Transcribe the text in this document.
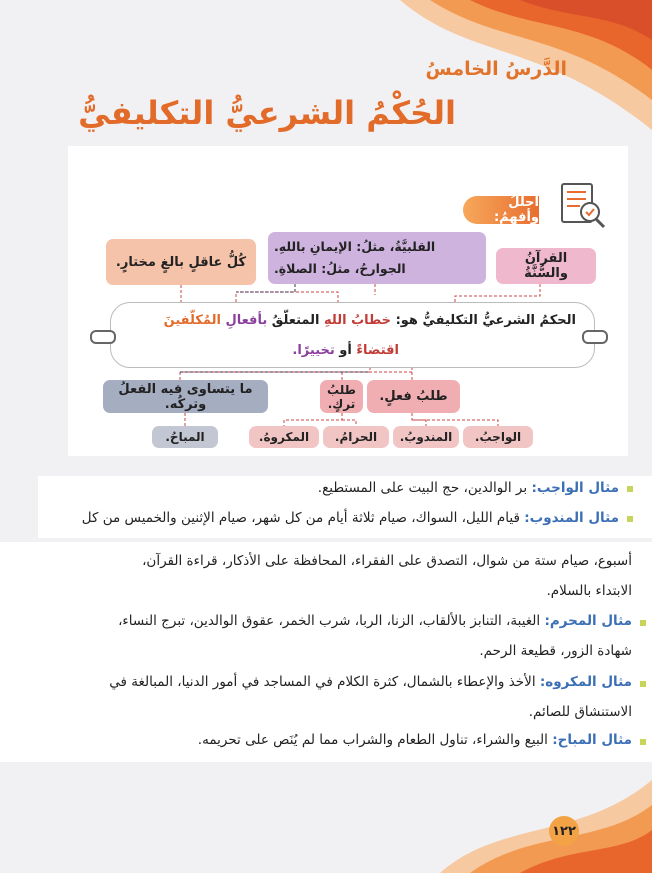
الدَّرسُ الخامسُ
الحُكْمُ الشرعيُّ التكليفيُّ
أحلّلُ وأفهمُ:
كُلُّ عاقلٍ بالغٍ مختارٍ.
القلبيَّةُ، مثلُ: الإيمانِ باللهِ.
الجوارحُ، مثلُ: الصلاةِ.
القرآنُ والسُّنَّةُ
الحكمُ الشرعيُّ التكليفيُّ هو: خطابُ اللهِ المتعلّقُ بأفعالِ المُكلّفينَ
اقتضاءً أو تخييرًا.
ما يتساوى فيه الفعلُ وتركُه.
طلبُ تركٍ.	طلبُ فعلٍ.
المباحُ.	المكروهُ.	الحرامُ.	المندوبُ.	الواجبُ.
مثال الواجب: بر الوالدين، حج البيت على المستطيع.
مثال المندوب: قيام الليل، السواك، صيام ثلاثة أيام من كل شهر، صيام الإثنين والخميس من كل
أسبوع، صيام ستة من شوال، التصدق على الفقراء، المحافظة على الأذكار، قراءة القرآن،
الابتداء بالسلام.
مثال المحرم: الغيبة، التنابز بالألقاب، الزنا، الربا، شرب الخمر، عقوق الوالدين، تبرج النساء،
شهادة الزور، قطيعة الرحم.
مثال المكروه: الأخذ والإعطاء بالشمال، كثرة الكلام في المساجد في أمور الدنيا، المبالغة في
الاستنشاق للصائم.
مثال المباح: البيع والشراء، تناول الطعام والشراب مما لم يُنَص على تحريمه.
١٢٢
